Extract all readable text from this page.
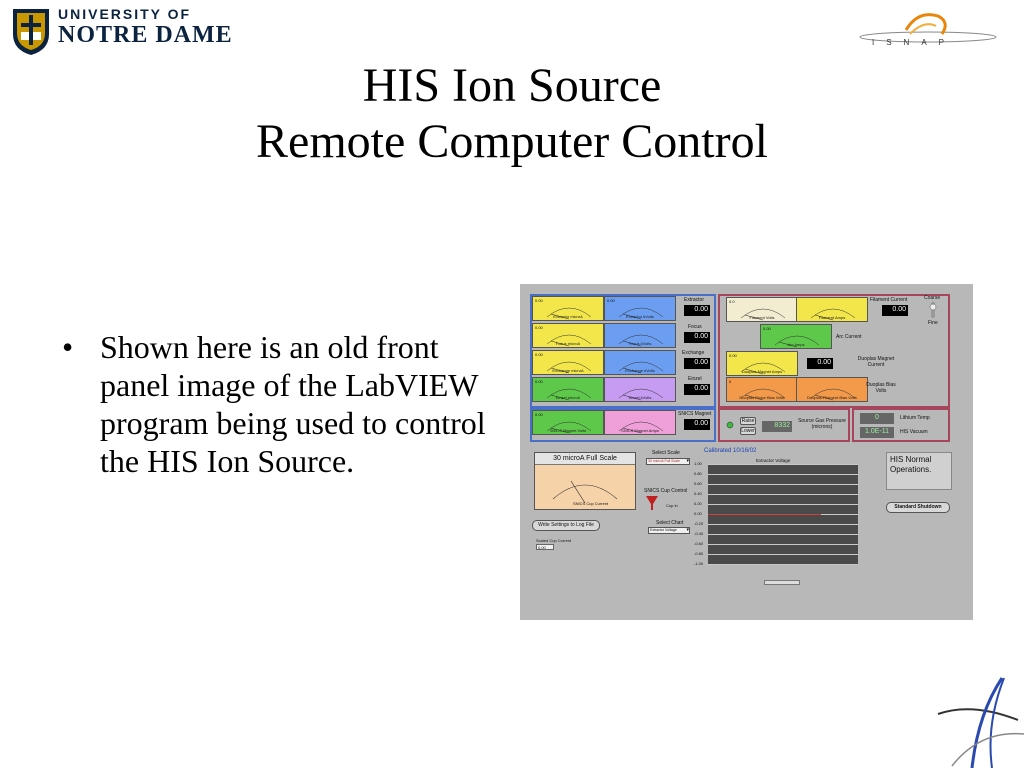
UNIVERSITY OF
NOTRE DAME	ISNAP
HIS Ion Source
Remote Computer Control
• Shown here is an old front panel image of the LabVIEW program being used to control the HIS Ion Source.
0.00
Extractor microA
0.00
Extractor kVolts
0.00
Focus microA	Focus kVolts
0.00
Exchange microA	Exchange kVolts
0.00
Einzel microA	Einzel kVolts
0.00
SNICS Magnet Volts	SNICS Magnet Amps
0.0
Filament Volts	Filament Amps
0.00
Arc Amps
0.00
Duoplas Magnet Amps
0
Duoplas Probe Bias Volts	Duoplas Filament Bias Volts
Extractor
0.00
Focus
0.00
Exchange
0.00
Einzel
0.00
SNICS Magnet
0.00
Filament Current
0.00
Coarse
Fine
Arc Current
Duoplas Magnet Current
0.00
Duoplas Bias Volts
Raise
Lower
8332
Source Gas Pressure (microns)
0	Lithium Temp
1.0E-11	HIS Vacuum
30 microA Full Scale
SNICS Cup Current
Select Scale
30 microA Full Scale ▾
SNICS Cup Control
Cup In
Select Chart
Extractor Voltage ▾
Write Settings to Log File
Scaled Cup Current
0.00
Calibrated 10/16/02
Extractor Voltage
1.00
0.80
0.60
0.40
0.20
0.00
-0.20
-0.40
-0.60
-0.80
-1.00
HIS Normal Operations.
Standard Shutdown
